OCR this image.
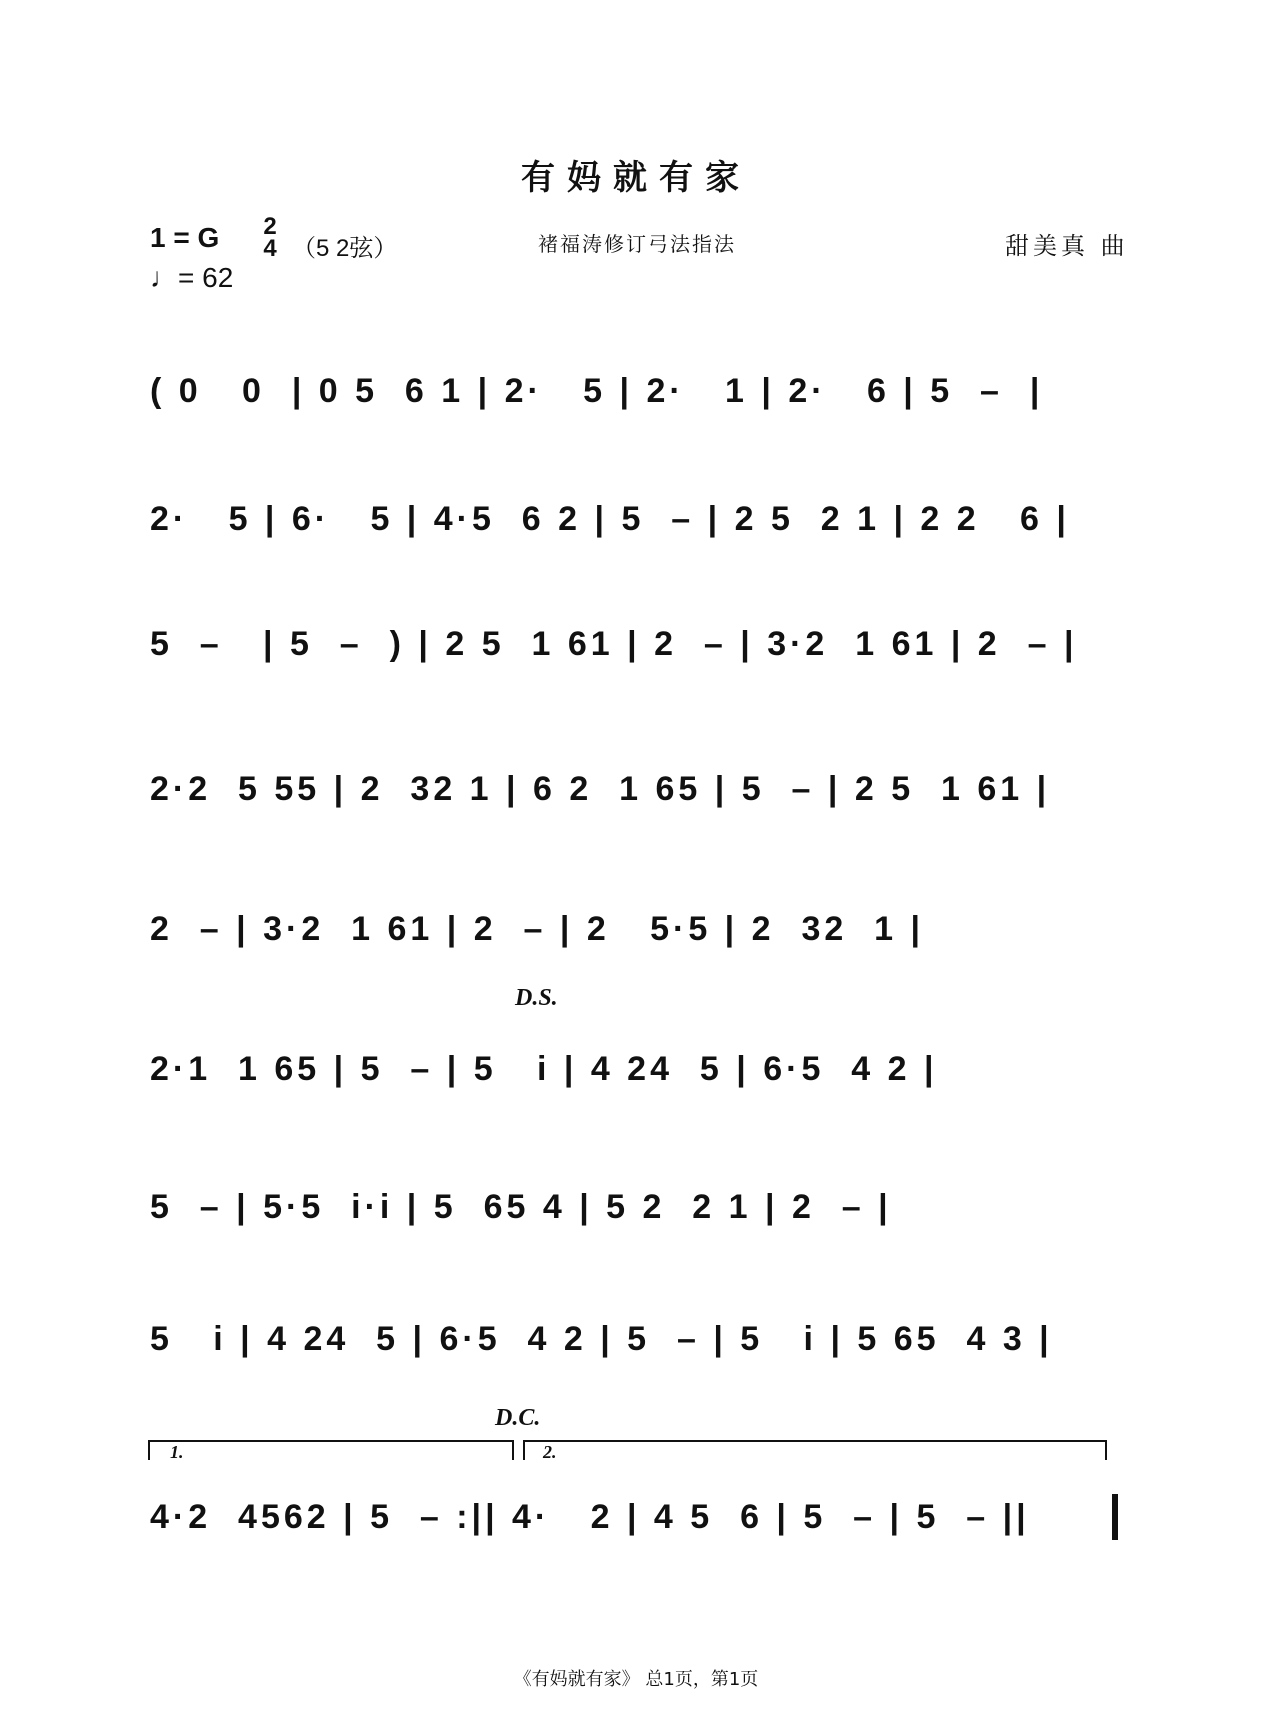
有妈就有家
1 = G 2
4 （5 2弦）
♩= 62
褚福涛修订弓法指法	甜美真 曲
( 0   0  | 0 5  6 1 | 2·   5 | 2·   1 | 2·   6 | 5  –  |
2·   5 | 6·   5 | 4·5  6 2 | 5  – | 2 5  2 1 | 2 2   6 |
5  –   | 5  –  ) | 2 5  1 61 | 2  – | 3·2  1 61 | 2  – |
2·2  5 55 | 2  32 1 | 6 2  1 65 | 5  – | 2 5  1 61 |
2  – | 3·2  1 61 | 2  – | 2   5·5 | 2  32  1 |
D.S.
2·1  1 65 | 5  – | 5   i | 4 24  5 | 6·5  4 2 |
5  – | 5·5  i·i | 5  65 4 | 5 2  2 1 | 2  – |
5   i | 4 24  5 | 6·5  4 2 | 5  – | 5   i | 5 65  4 3 |
D.C.
1.	2.
4·2  4562 | 5  – :|| 4·   2 | 4 5  6 | 5  – | 5  – ||
《有妈就有家》 总1页，第1页
